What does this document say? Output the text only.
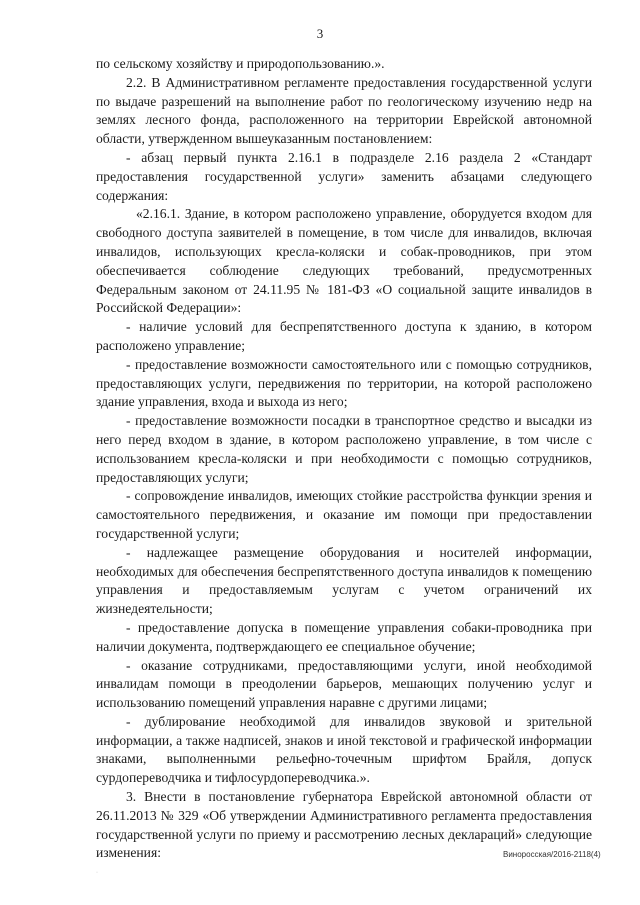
3

по сельскому хозяйству и природопользованию.».

2.2. В Административном регламенте предоставления государственной услуги по выдаче разрешений на выполнение работ по геологическому изучению недр на землях лесного фонда, расположенного на территории Еврейской автономной области, утвержденном вышеуказанным постановлением:

- абзац первый пункта 2.16.1 в подразделе 2.16 раздела 2 «Стандарт предоставления государственной услуги» заменить абзацами следующего содержания:

«2.16.1. Здание, в котором расположено управление, оборудуется входом для свободного доступа заявителей в помещение, в том числе для инвалидов, включая инвалидов, использующих кресла-коляски и собак-проводников, при этом обеспечивается соблюдение следующих требований, предусмотренных Федеральным законом от 24.11.95 № 181-ФЗ «О социальной защите инвалидов в Российской Федерации»:

- наличие условий для беспрепятственного доступа к зданию, в котором расположено управление;

- предоставление возможности самостоятельного или с помощью сотрудников, предоставляющих услуги, передвижения по территории, на которой расположено здание управления, входа и выхода из него;

- предоставление возможности посадки в транспортное средство и высадки из него перед входом в здание, в котором расположено управление, в том числе с использованием кресла-коляски и при необходимости с помощью сотрудников, предоставляющих услуги;

- сопровождение инвалидов, имеющих стойкие расстройства функции зрения и самостоятельного передвижения, и оказание им помощи при предоставлении государственной услуги;

- надлежащее размещение оборудования и носителей информации, необходимых для обеспечения беспрепятственного доступа инвалидов к помещению управления и предоставляемым услугам с учетом ограничений их жизнедеятельности;

- предоставление допуска в помещение управления собаки-проводника при наличии документа, подтверждающего ее специальное обучение;

- оказание сотрудниками, предоставляющими услуги, иной необходимой инвалидам помощи в преодолении барьеров, мешающих получению услуг и использованию помещений управления наравне с другими лицами;

- дублирование необходимой для инвалидов звуковой и зрительной информации, а также надписей, знаков и иной текстовой и графической информации знаками, выполненными рельефно-точечным шрифтом Брайля, допуск сурдопереводчика и тифлосурдопереводчика.».

3. Внести в постановление губернатора Еврейской автономной области от 26.11.2013 № 329 «Об утверждении Административного регламента предоставления государственной услуги по приему и рассмотрению лесных деклараций» следующие изменения:	Виноросская/2016-2118(4)
·
